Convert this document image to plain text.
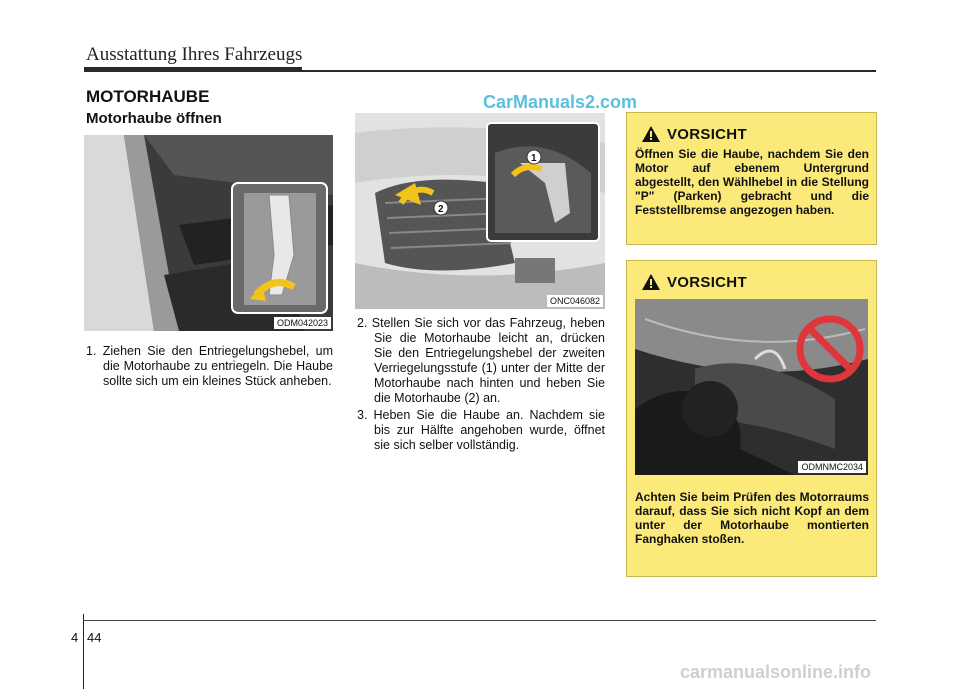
Ausstattung Ihres Fahrzeugs
MOTORHAUBE	CarManuals2.com
Motorhaube öffnen
ODM042023

1. Ziehen Sie den Entriegelungshebel, um die Motorhaube zu entriegeln. Die Haube sollte sich um ein kleines Stück anheben.

1
2
ONC046082

2. Stellen Sie sich vor das Fahrzeug, heben Sie die Motorhaube leicht an, drücken Sie den Entriegelungshebel der zweiten Verriegelungsstufe (1) unter der Mitte der Motorhaube nach hinten und heben Sie die Motorhaube (2) an.

3. Heben Sie die Haube an. Nachdem sie bis zur Hälfte angehoben wurde, öffnet sie sich selber vollständig.

VORSICHT
Öffnen Sie die Haube, nachdem Sie den Motor auf ebenem Untergrund abgestellt, den Wählhebel in die Stellung "P" (Parken) gebracht und die Feststellbremse angezogen haben.
VORSICHT
ODMNMC2034
Achten Sie beim Prüfen des Motorraums darauf, dass Sie sich nicht Kopf an dem unter der Motorhaube montierten Fanghaken stoßen.
4 44
carmanualsonline.info
